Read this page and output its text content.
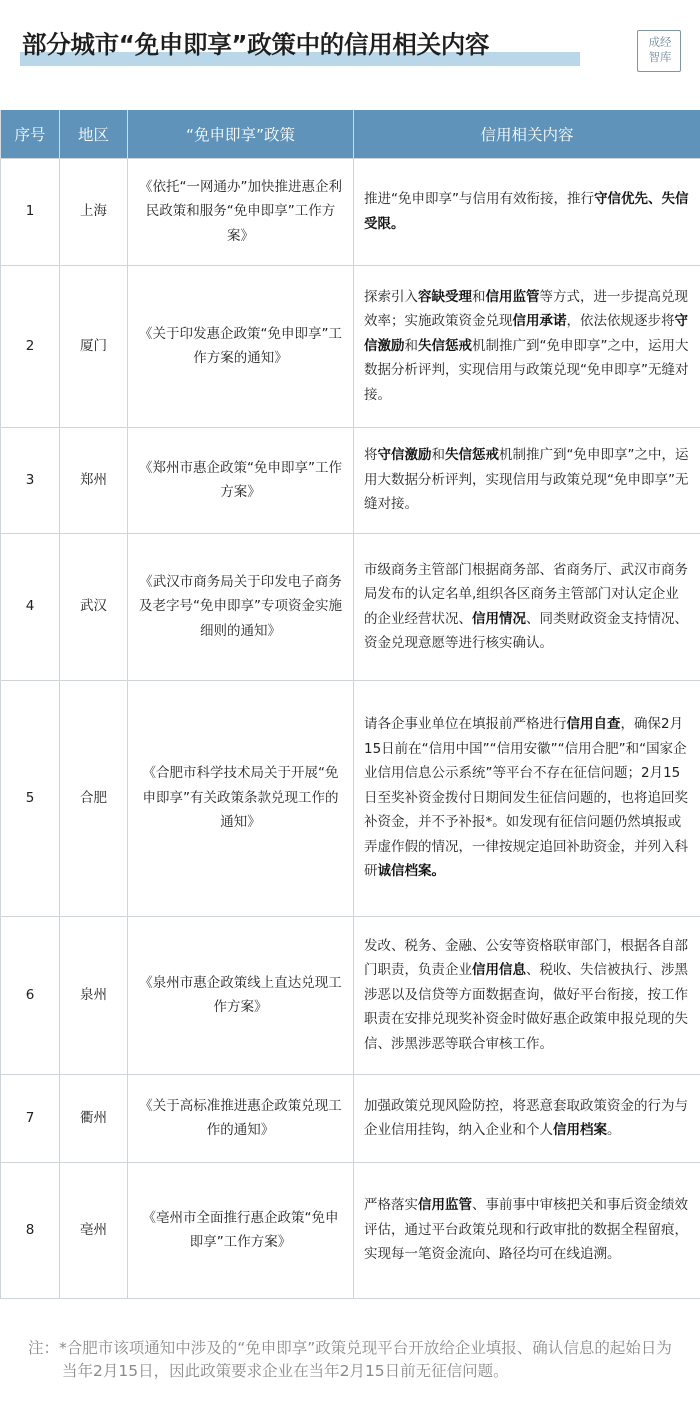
部分城市“免申即享”政策中的信用相关内容	成经智库
序号	地区	“免申即享”政策	信用相关内容
1	上海	《依托“一网通办”加快推进惠企利民政策和服务“免申即享”工作方案》	推进“免申即享”与信用有效衔接，推行守信优先、失信受限。
2	厦门	《关于印发惠企政策“免申即享”工作方案的通知》	探索引入容缺受理和信用监管等方式，进一步提高兑现效率；实施政策资金兑现信用承诺，依法依规逐步将守信激励和失信惩戒机制推广到“免申即享”之中，运用大数据分析评判，实现信用与政策兑现“免申即享”无缝对接。
3	郑州	《郑州市惠企政策“免申即享”工作方案》	将守信激励和失信惩戒机制推广到“免申即享”之中，运用大数据分析评判，实现信用与政策兑现“免申即享”无缝对接。
4	武汉	《武汉市商务局关于印发电子商务及老字号“免申即享”专项资金实施细则的通知》	市级商务主管部门根据商务部、省商务厅、武汉市商务局发布的认定名单,组织各区商务主管部门对认定企业的企业经营状况、信用情况、同类财政资金支持情况、资金兑现意愿等进行核实确认。
5	合肥	《合肥市科学技术局关于开展“免申即享”有关政策条款兑现工作的通知》	请各企事业单位在填报前严格进行信用自查，确保2月15日前在“信用中国”“信用安徽”“信用合肥”和“国家企业信用信息公示系统”等平台不存在征信问题；2月15日至奖补资金拨付日期间发生征信问题的，也将追回奖补资金，并不予补报*。如发现有征信问题仍然填报或弄虚作假的情况，一律按规定追回补助资金，并列入科研诚信档案。
6	泉州	《泉州市惠企政策线上直达兑现工作方案》	发改、税务、金融、公安等资格联审部门，根据各自部门职责，负责企业信用信息、税收、失信被执行、涉黑涉恶以及信贷等方面数据查询，做好平台衔接，按工作职责在安排兑现奖补资金时做好惠企政策申报兑现的失信、涉黑涉恶等联合审核工作。
7	衢州	《关于高标准推进惠企政策兑现工作的通知》	加强政策兑现风险防控，将恶意套取政策资金的行为与企业信用挂钩，纳入企业和个人信用档案。
8	亳州	《亳州市全面推行惠企政策“免申即享”工作方案》	严格落实信用监管、事前事中审核把关和事后资金绩效评估，通过平台政策兑现和行政审批的数据全程留痕，实现每一笔资金流向、路径均可在线追溯。
注：*合肥市该项通知中涉及的“免申即享”政策兑现平台开放给企业填报、确认信息的起始日为当年2月15日，因此政策要求企业在当年2月15日前无征信问题。
